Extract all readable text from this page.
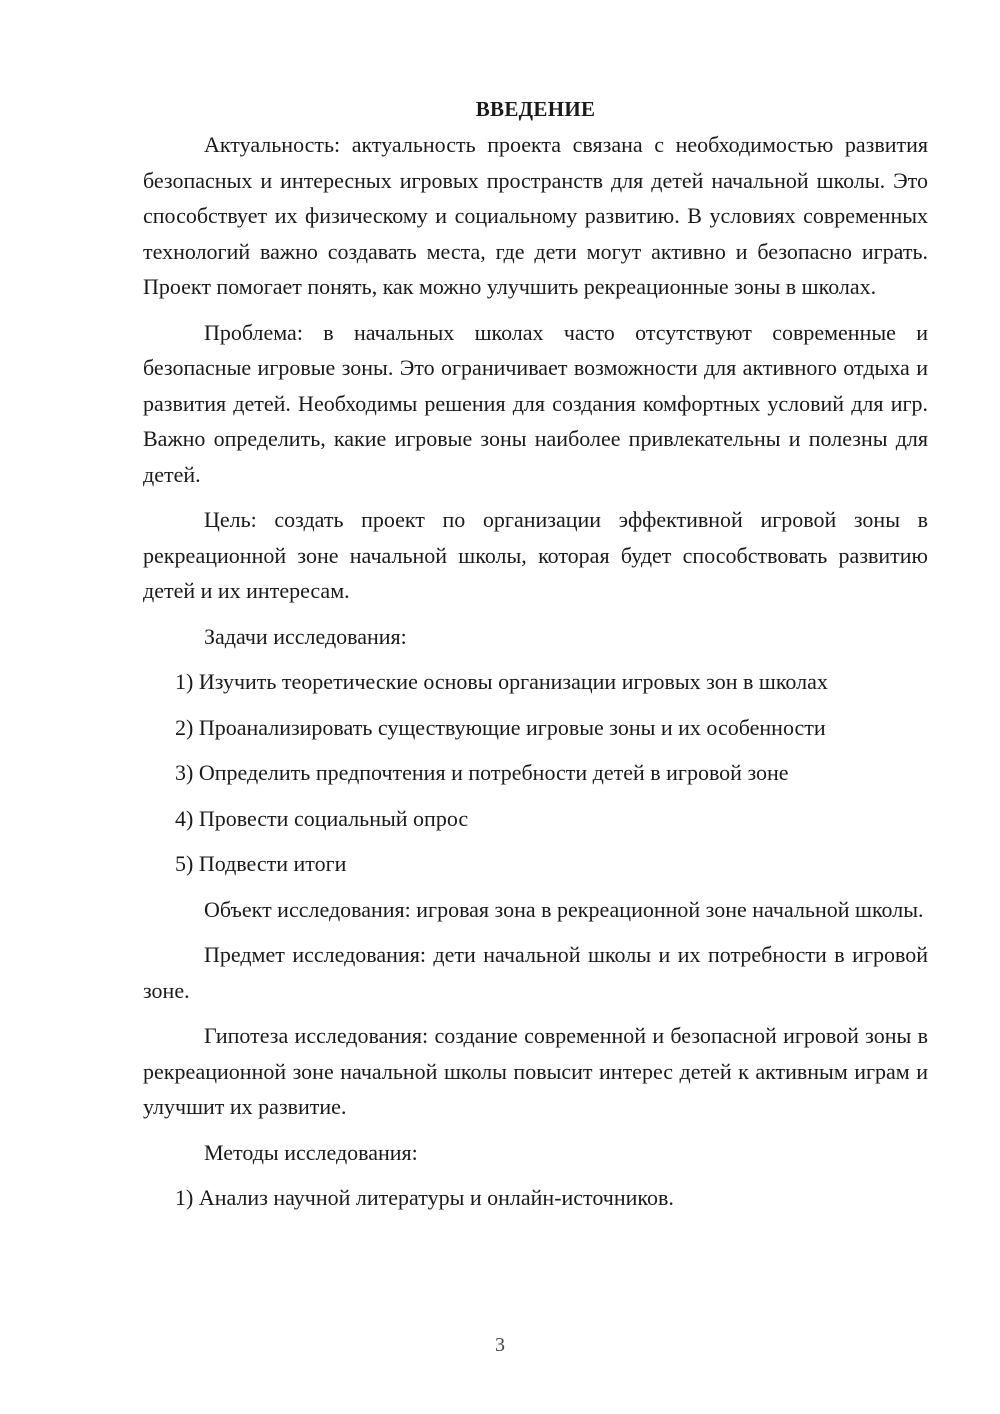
ВВЕДЕНИЕ

Актуальность: актуальность проекта связана с необходимостью развития безопасных и интересных игровых пространств для детей начальной школы. Это способствует их физическому и социальному развитию. В условиях современных технологий важно создавать места, где дети могут активно и безопасно играть. Проект помогает понять, как можно улучшить рекреационные зоны в школах.

Проблема: в начальных школах часто отсутствуют современные и безопасные игровые зоны. Это ограничивает возможности для активного отдыха и развития детей. Необходимы решения для создания комфортных условий для игр. Важно определить, какие игровые зоны наиболее привлекательны и полезны для детей.

Цель: создать проект по организации эффективной игровой зоны в рекреационной зоне начальной школы, которая будет способствовать развитию детей и их интересам.

Задачи исследования:

1) Изучить теоретические основы организации игровых зон в школах

2) Проанализировать существующие игровые зоны и их особенности

3) Определить предпочтения и потребности детей в игровой зоне

4) Провести социальный опрос

5) Подвести итоги

Объект исследования: игровая зона в рекреационной зоне начальной школы.

Предмет исследования: дети начальной школы и их потребности в игровой зоне.

Гипотеза исследования: создание современной и безопасной игровой зоны в рекреационной зоне начальной школы повысит интерес детей к активным играм и улучшит их развитие.

Методы исследования:

1) Анализ научной литературы и онлайн-источников.

3
